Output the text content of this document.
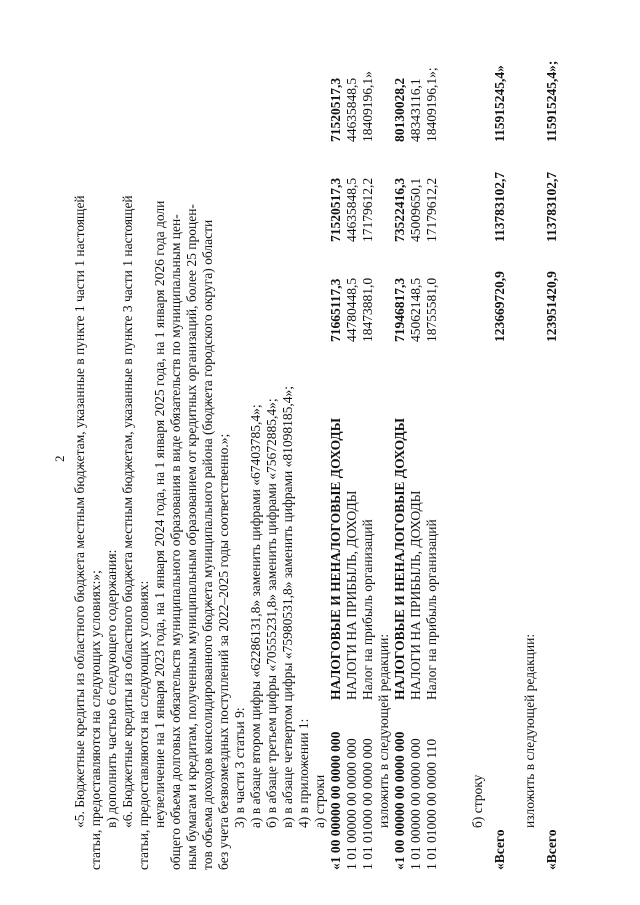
2 «5. Бюджетные кредиты из областного бюджета местным бюджетам, указанные в пункте 1 части 1 настоящей статьи, предоставляются на следующих условиях:»; в) дополнить частью 6 следующего содержания: «6. Бюджетные кредиты из областного бюджета местным бюджетам, указанные в пункте 3 части 1 настоящей статьи, предоставляются на следующих условиях: неувеличение на 1 января 2023 года, на 1 января 2024 года, на 1 января 2025 года, на 1 января 2026 года доли общего объема долговых обязательств муниципального образования в виде обязательств по муниципальным цен- ным бумагам и кредитам, полученным муниципальным образованием от кредитных организаций, более 25 процен- тов объема доходов консолидированного бюджета муниципального района (бюджета городского округа) области без учета безвозмездных поступлений за 2022–2025 годы соответственно.»; 3) в части 3 статьи 9: а) в абзаце втором цифры «62286131,8» заменить цифрами «67403785,4»; б) в абзаце третьем цифры «70555231,8» заменить цифрами «75672885,4»; в) в абзаце четвертом цифры «75980531,8» заменить цифрами «81098185,4»; 4) в приложении 1: а) строки «1 00 00000 00 0000 000
НАЛОГОВЫЕ И НЕНАЛОГОВЫЕ ДОХОДЫ
71665117,3
71520517,3
71520517,3
1 01 00000 00 0000 000
НАЛОГИ НА ПРИБЫЛЬ, ДОХОДЫ
44780448,5
44635848,5
44635848,5
1 01 01000 00 0000 000
Налог на прибыль организаций
18473881,0
17179612,2
18409196,1»
изложить в следующей редакции: «1 00 00000 00 0000 000
НАЛОГОВЫЕ И НЕНАЛОГОВЫЕ ДОХОДЫ
71946817,3
73522416,3
80130028,2
1 01 00000 00 0000 000
НАЛОГИ НА ПРИБЫЛЬ, ДОХОДЫ
45062148,5
45009650,1
48343116,1
1 01 01000 00 0000 110
Налог на прибыль организаций
18755581,0
17179612,2
18409196,1»;
б) строку
«Всего
123669720,9
113783102,7
115915245,4»
изложить в следующей редакции:
«Всего
123951420,9
113783102,7
115915245,4»;
